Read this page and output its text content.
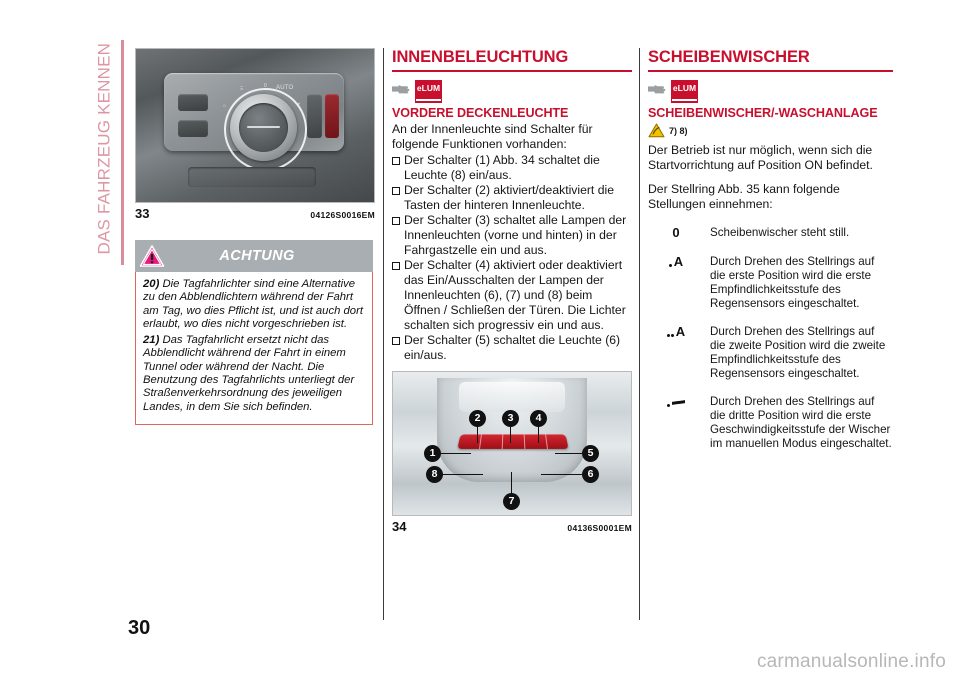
DAS FAHRZEUG KENNEN	Ξ	0 AUTO
◑
☼
33	04126S0016EM
ACHTUNG

20) Die Tagfahrlichter sind eine Alternative zu den Abblendlichtern während der Fahrt am Tag, wo dies Pflicht ist, und ist auch dort erlaubt, wo dies nicht vorgeschrieben ist.

21) Das Tagfahrlicht ersetzt nicht das Abblendlicht während der Fahrt in einem Tunnel oder während der Nacht. Die Benutzung des Tagfahrlichts unterliegt der Straßenverkehrsordnung des jeweiligen Landes, in dem Sie sich befinden.

INNENBELEUCHTUNG
eLUM
VORDERE DECKENLEUCHTE

An der Innenleuchte sind Schalter für folgende Funktionen vorhanden:

Der Schalter (1) Abb. 34 schaltet die Leuchte (8) ein/aus.
Der Schalter (2) aktiviert/deaktiviert die Tasten der hinteren Innenleuchte.
Der Schalter (3) schaltet alle Lampen der Innenleuchten (vorne und hinten) in der Fahrgastzelle ein und aus.
Der Schalter (4) aktiviert oder deaktiviert das Ein/Ausschalten der Lampen der Innenleuchten (6), (7) und (8) beim Öffnen / Schließen der Türen. Die Lichter schalten sich progressiv ein und aus.
Der Schalter (5) schaltet die Leuchte (6) ein/aus.
1
2	3	4
5
6
7
8
34	04136S0001EM
SCHEIBENWISCHER
eLUM
SCHEIBENWISCHER/-WASCHANLAGE
7) 8)

Der Betrieb ist nur möglich, wenn sich die Startvorrichtung auf Position ON befindet.

Der Stellring Abb. 35 kann folgende Stellungen einnehmen:

0	Scheibenwischer steht still.
A	Durch Drehen des Stellrings auf die erste Position wird die erste Empfindlichkeitsstufe des Regensensors eingeschaltet.
A	Durch Drehen des Stellrings auf die zweite Position wird die zweite Empfindlichkeitsstufe des Regensensors eingeschaltet.
	Durch Drehen des Stellrings auf die dritte Position wird die erste Geschwindigkeitsstufe der Wischer im manuellen Modus eingeschaltet.
30
carmanualsonline.info
